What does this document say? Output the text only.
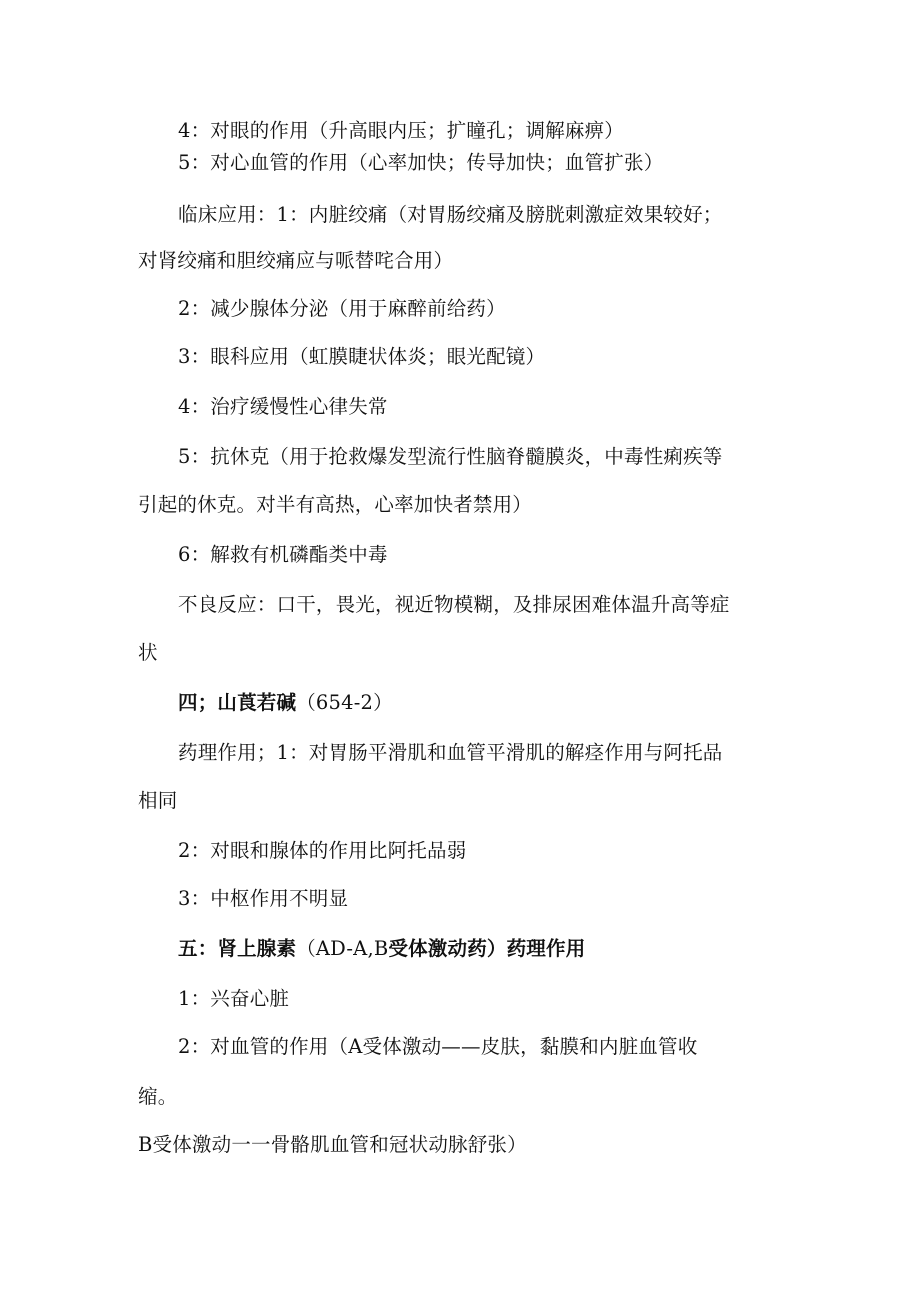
4：对眼的作用（升高眼内压；扩瞳孔；调解麻痹）
5：对心血管的作用（心率加快；传导加快；血管扩张）
临床应用：1：内脏绞痛（对胃肠绞痛及膀胱刺激症效果较好；
对肾绞痛和胆绞痛应与哌替咤合用）
2：减少腺体分泌（用于麻醉前给药）
3：眼科应用（虹膜睫状体炎；眼光配镜）
4：治疗缓慢性心律失常
5：抗休克（用于抢救爆发型流行性脑脊髓膜炎，中毒性痢疾等
引起的休克。对半有高热，心率加快者禁用）
6：解救有机磷酯类中毒
不良反应：口干，畏光，视近物模糊，及排尿困难体温升高等症
状
四；山莨若碱（654-2）
药理作用；1：对胃肠平滑肌和血管平滑肌的解痉作用与阿托品
相同
2：对眼和腺体的作用比阿托品弱
3：中枢作用不明显
五：肾上腺素（AD-A,B受体激动药）药理作用
1：兴奋心脏
2：对血管的作用（A受体激动——皮肤，黏膜和内脏血管收
缩。
B受体激动一一骨骼肌血管和冠状动脉舒张）
